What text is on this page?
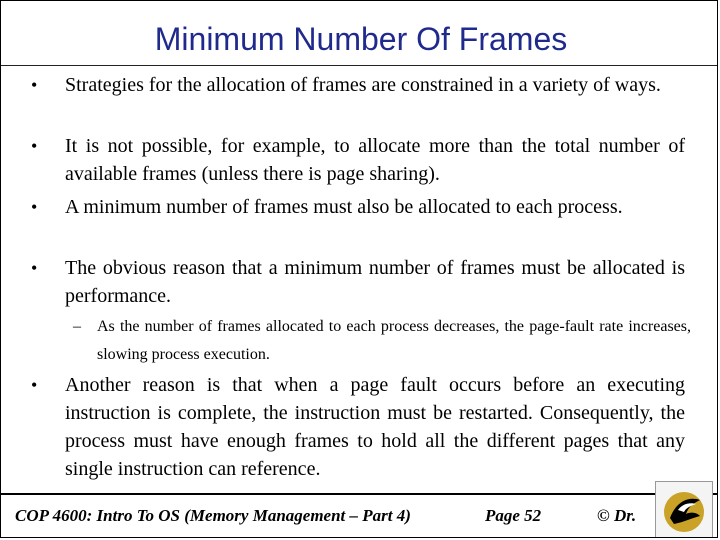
Minimum Number Of Frames
•	Strategies for the allocation of frames are constrained in a variety of ways.
•	It is not possible, for example, to allocate more than the total number of available frames (unless there is page sharing).
•	A minimum number of frames must also be allocated to each process.
•	The obvious reason that a minimum number of frames must be allocated is performance.
– As the number of frames allocated to each process decreases, the page-fault rate increases, slowing process execution.
•	Another reason is that when a page fault occurs before an executing instruction is complete, the instruction must be restarted. Consequently, the process must have enough frames to hold all the different pages that any single instruction can reference.
COP 4600: Intro To OS (Memory Management – Part 4)	Page 52	© Dr.
